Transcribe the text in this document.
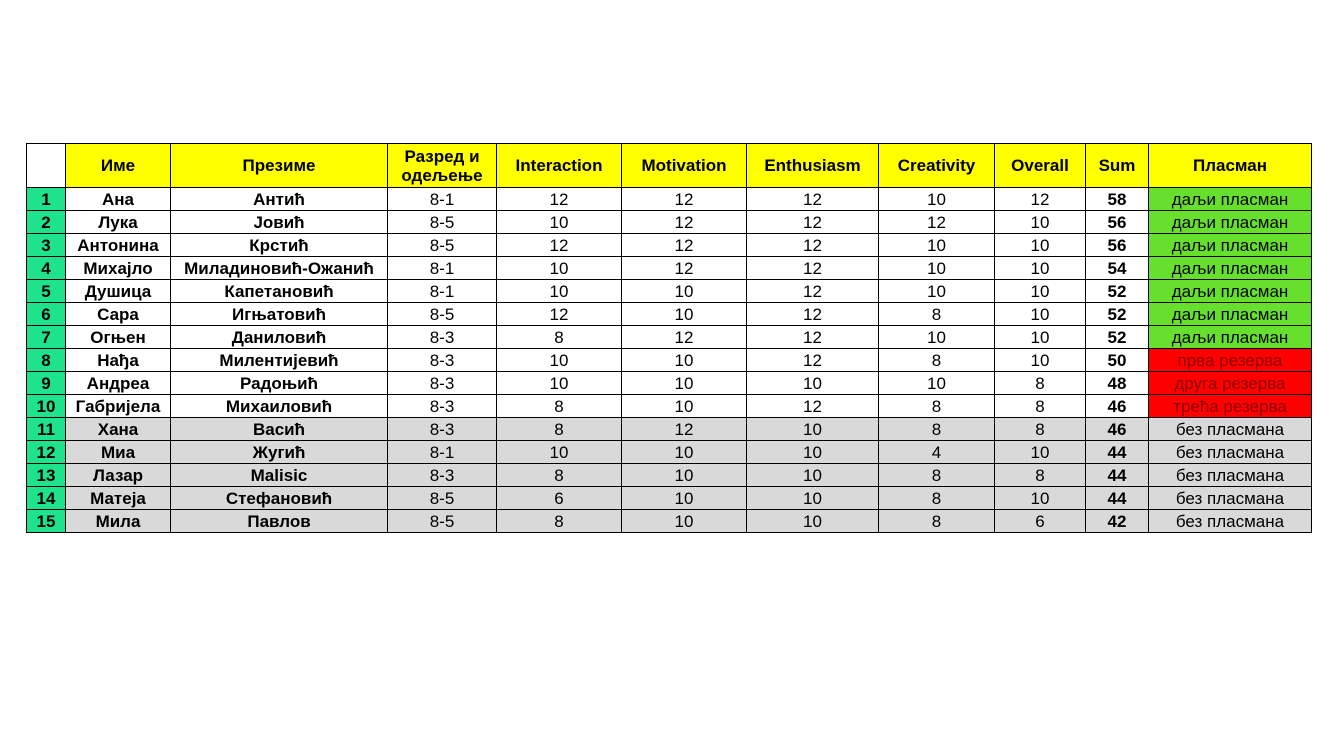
	Име	Презиме	Разред и одељење	Interaction	Motivation	Enthusiasm	Creativity	Overall	Sum	Пласман
1	Ана	Антић	8-1	12	12	12	10	12	58	даљи пласман
2	Лука	Јовић	8-5	10	12	12	12	10	56	даљи пласман
3	Антонина	Крстић	8-5	12	12	12	10	10	56	даљи пласман
4	Михајло	Миладиновић-Ожанић	8-1	10	12	12	10	10	54	даљи пласман
5	Душица	Капетановић	8-1	10	10	12	10	10	52	даљи пласман
6	Сара	Игњатовић	8-5	12	10	12	8	10	52	даљи пласман
7	Огњен	Даниловић	8-3	8	12	12	10	10	52	даљи пласман
8	Нађа	Милентијевић	8-3	10	10	12	8	10	50	прва резерва
9	Андреа	Радоњић	8-3	10	10	10	10	8	48	друга резерва
10	Габријела	Михаиловић	8-3	8	10	12	8	8	46	трећа резерва
11	Хана	Васић	8-3	8	12	10	8	8	46	без пласмана
12	Миа	Жугић	8-1	10	10	10	4	10	44	без пласмана
13	Лазар	Malisic	8-3	8	10	10	8	8	44	без пласмана
14	Матеја	Стефановић	8-5	6	10	10	8	10	44	без пласмана
15	Мила	Павлов	8-5	8	10	10	8	6	42	без пласмана
